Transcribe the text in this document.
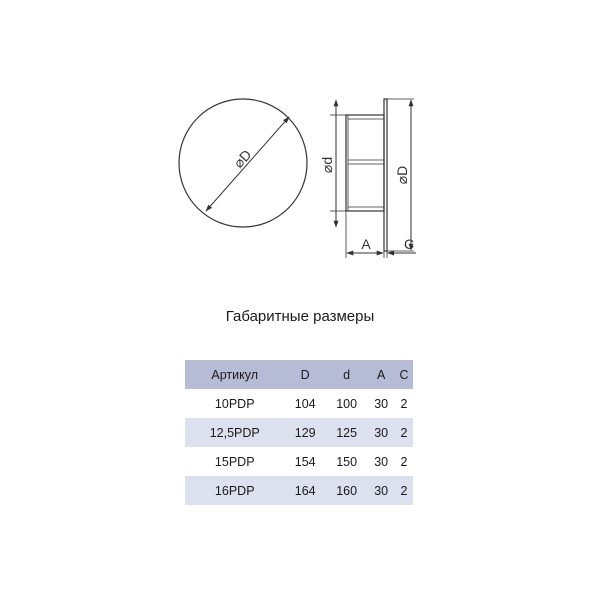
⌀D	⌀d
⌀D
A C
Габаритные размеры
Артикул	D	d	A	C
10PDP	104	100	30	2
12,5PDP	129	125	30	2
15PDP	154	150	30	2
16PDP	164	160	30	2
